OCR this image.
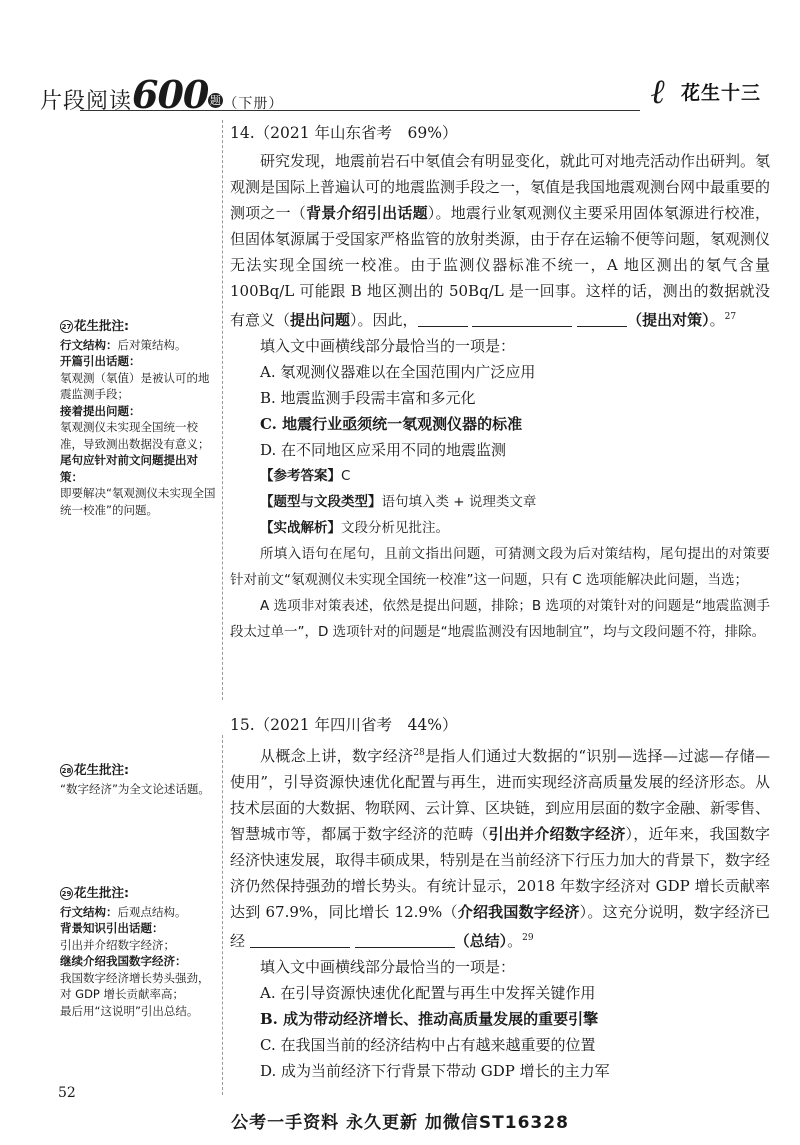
片段阅读600 题 （下册）	ℓ 花生十三
27 花生批注:
行文结构：后对策结构。
开篇引出话题：
氡观测（氡值）是被认可的地震监测手段；
接着提出问题：
氡观测仪未实现全国统一校准，导致测出数据没有意义；
尾句应针对前文问题提出对策：
即要解决“氡观测仪未实现全国统一校准”的问题。
28 花生批注:
“数字经济”为全文论述话题。
29 花生批注:
行文结构：后观点结构。
背景知识引出话题：
引出并介绍数字经济；
继续介绍我国数字经济：
我国数字经济增长势头强劲，对 GDP 增长贡献率高；
最后用“这说明”引出总结。
14.（2021 年山东省考　69%）
研究发现，地震前岩石中氡值会有明显变化，就此可对地壳活动作出研判。氡观测是国际上普遍认可的地震监测手段之一，氡值是我国地震观测台网中最重要的测项之一（背景介绍引出话题）。地震行业氡观测仪主要采用固体氡源进行校准，但固体氡源属于受国家严格监管的放射类源，由于存在运输不便等问题，氡观测仪无法实现全国统一校准。由于监测仪器标准不统一，A 地区测出的氡气含量 100Bq/L 可能跟 B 地区测出的 50Bq/L 是一回事。这样的话，测出的数据就没有意义（提出问题）。因此，	（提出对策）。$^{27}$
填入文中画横线部分最恰当的一项是：
A. 氡观测仪器难以在全国范围内广泛应用
B. 地震监测手段需丰富和多元化
C. 地震行业亟须统一氡观测仪器的标准
D. 在不同地区应采用不同的地震监测
【参考答案】C
【题型与文段类型】语句填入类 + 说理类文章
【实战解析】文段分析见批注。
所填入语句在尾句，且前文指出问题，可猜测文段为后对策结构，尾句提出的对策要针对前文“氡观测仪未实现全国统一校准”这一问题，只有 C 选项能解决此问题，当选；
A 选项非对策表述，依然是提出问题，排除；B 选项的对策针对的问题是“地震监测手段太过单一”，D 选项针对的问题是“地震监测没有因地制宜”，均与文段问题不符，排除。
15.（2021 年四川省考　44%）
从概念上讲，数字经济$^{28}$是指人们通过大数据的“识别—选择—过滤—存储—使用”，引导资源快速优化配置与再生，进而实现经济高质量发展的经济形态。从技术层面的大数据、物联网、云计算、区块链，到应用层面的数字金融、新零售、智慧城市等，都属于数字经济的范畴（引出并介绍数字经济），近年来，我国数字经济快速发展，取得丰硕成果，特别是在当前经济下行压力加大的背景下，数字经济仍然保持强劲的增长势头。有统计显示，2018 年数字经济对 GDP 增长贡献率达到 67.9%，同比增长 12.9%（介绍我国数字经济）。这充分说明，数字经济已经	（总结）。$^{29}$
填入文中画横线部分最恰当的一项是：
A. 在引导资源快速优化配置与再生中发挥关键作用
B. 成为带动经济增长、推动高质量发展的重要引擎
C. 在我国当前的经济结构中占有越来越重要的位置
D. 成为当前经济下行背景下带动 GDP 增长的主力军
52
公考一手资料 永久更新 加微信ST16328
